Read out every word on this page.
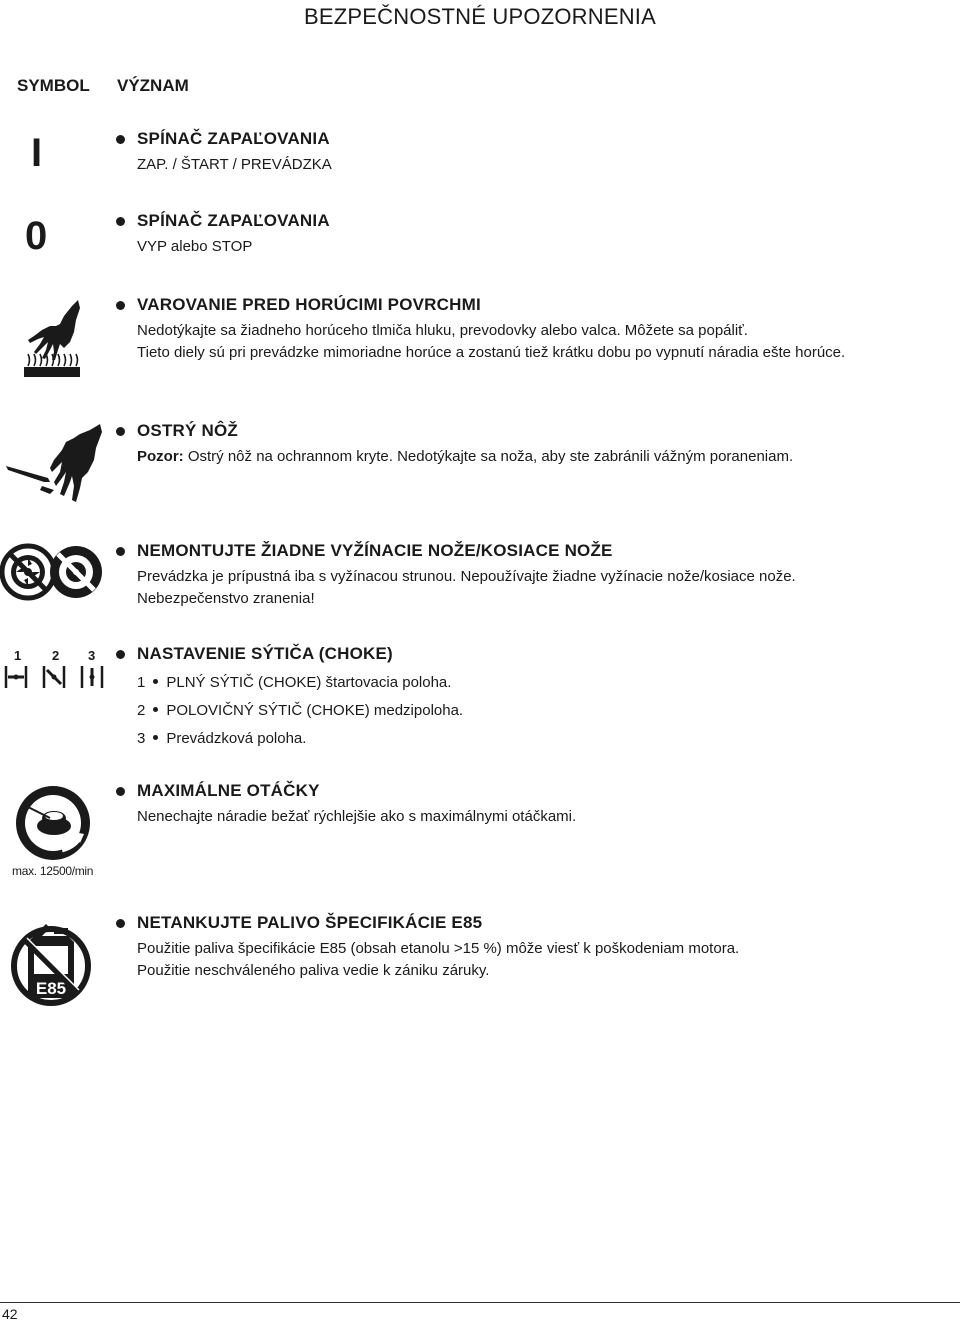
BEZPEČNOSTNÉ UPOZORNENIA
SYMBOL VÝZNAM
I	SPÍNAČ ZAPAĽOVANIA
ZAP. / ŠTART / PREVÁDZKA
0	SPÍNAČ ZAPAĽOVANIA
VYP alebo STOP
VAROVANIE PRED HORÚCIMI POVRCHMI

Nedotýkajte sa žiadneho horúceho tlmiča hluku, prevodovky alebo valca. Môžete sa popáliť.

Tieto diely sú pri prevádzke mimoriadne horúce a zostanú tiež krátku dobu po vypnutí náradia ešte horúce.

OSTRÝ NÔŽ
Pozor: Ostrý nôž na ochrannom kryte. Nedotýkajte sa noža, aby ste zabránili vážným poraneniam.
NEMONTUJTE ŽIADNE VYŽÍNACIE NOŽE/KOSIACE NOŽE

Prevádzka je prípustná iba s vyžínacou strunou. Nepoužívajte žiadne vyžínacie nože/kosiace nože.

Nebezpečenstvo zranenia!

1 2 3	NASTAVENIE SÝTIČA (CHOKE)
1 PLNÝ SÝTIČ (CHOKE) štartovacia poloha.
2 POLOVIČNÝ SÝTIČ (CHOKE) medzipoloha.
3 Prevádzková poloha.
max. 12500/min
MAXIMÁLNE OTÁČKY
Nenechajte náradie bežať rýchlejšie ako s maximálnymi otáčkami.
E85
NETANKUJTE PALIVO ŠPECIFIKÁCIE E85

Použitie paliva špecifikácie E85 (obsah etanolu >15 %) môže viesť k poškodeniam motora.

Použitie neschváleného paliva vedie k zániku záruky.

42
